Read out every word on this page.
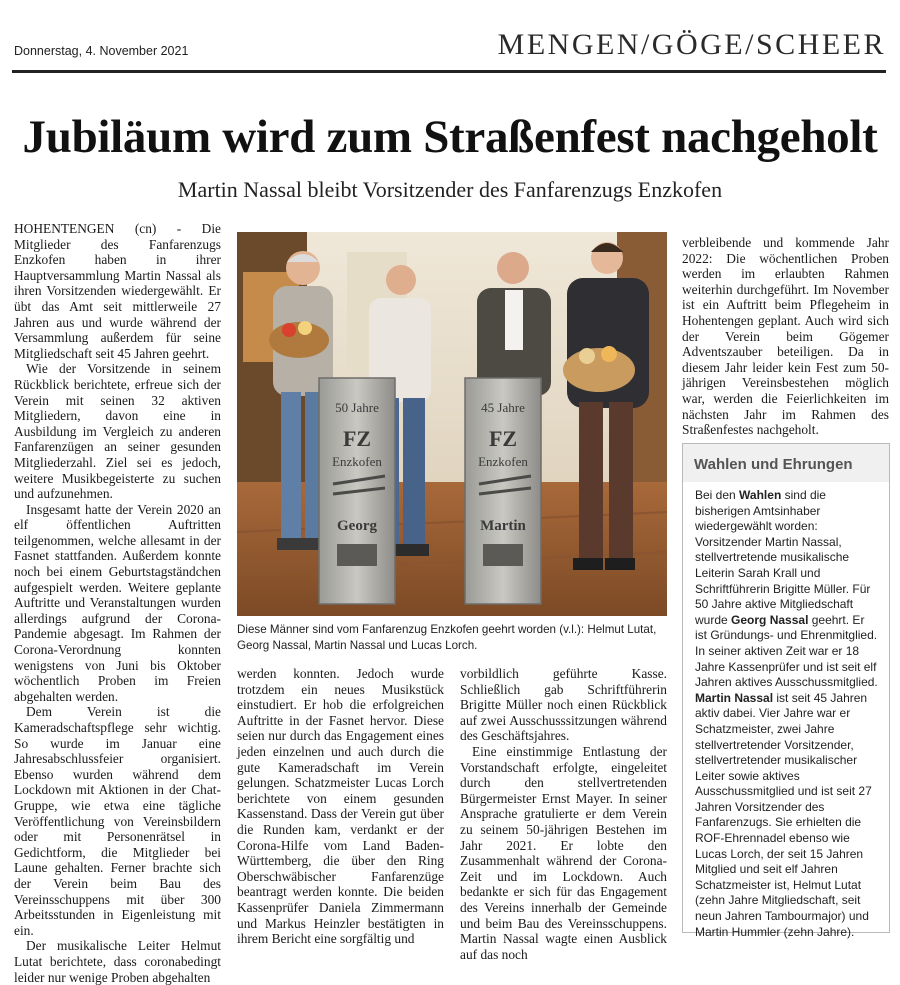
Donnerstag, 4. November 2021	MENGEN/GÖGE/SCHEER
Jubiläum wird zum Straßenfest nachgeholt
Martin Nassal bleibt Vorsitzender des Fanfarenzugs Enzkofen

HOHENTENGEN (cn) - Die Mitglieder des Fanfarenzugs Enzkofen haben in ihrer Hauptversammlung Martin Nassal als ihren Vorsitzenden wiedergewählt. Er übt das Amt seit mittlerweile 27 Jahren aus und wurde während der Versammlung außerdem für seine Mitgliedschaft seit 45 Jahren geehrt.

Wie der Vorsitzende in seinem Rückblick berichtete, erfreue sich der Verein mit seinen 32 aktiven Mitgliedern, davon eine in Ausbildung im Vergleich zu anderen Fanfarenzügen an seiner gesunden Mitgliederzahl. Ziel sei es jedoch, weitere Musikbegeisterte zu suchen und aufzunehmen.

Insgesamt hatte der Verein 2020 an elf öffentlichen Auftritten teilgenommen, welche allesamt in der Fasnet stattfanden. Außerdem konnte noch bei einem Geburtstagständchen aufgespielt werden. Weitere geplante Auftritte und Veranstaltungen wurden allerdings aufgrund der Corona-Pandemie abgesagt. Im Rahmen der Corona-Verordnung konnten wenigstens von Juni bis Oktober wöchentlich Proben im Freien abgehalten werden.

Dem Verein ist die Kameradschaftspflege sehr wichtig. So wurde im Januar eine Jahresabschlussfeier organisiert. Ebenso wurden während dem Lockdown mit Aktionen in der Chat-Gruppe, wie etwa eine tägliche Veröffentlichung von Vereinsbildern oder mit Personenrätsel in Gedichtform, die Mitglieder bei Laune gehalten. Ferner brachte sich der Verein beim Bau des Vereinsschuppens mit über 300 Arbeitsstunden in Eigenleistung mit ein.

Der musikalische Leiter Helmut Lutat berichtete, dass coronabedingt leider nur wenige Proben abgehalten

50 Jahre
FZ
Enzkofen
Georg
45 Jahre
FZ
Enzkofen
Martin
Diese Männer sind vom Fanfarenzug Enzkofen geehrt worden (v.l.): Helmut Lutat, Georg Nassal, Martin Nassal und Lucas Lorch.

werden konnten. Jedoch wurde trotzdem ein neues Musikstück einstudiert. Er hob die erfolgreichen Auftritte in der Fasnet hervor. Diese seien nur durch das Engagement eines jeden einzelnen und auch durch die gute Kameradschaft im Verein gelungen. Schatzmeister Lucas Lorch berichtete von einem gesunden Kassenstand. Dass der Verein gut über die Runden kam, verdankt er der Corona-Hilfe vom Land Baden-Württemberg, die über den Ring Oberschwäbischer Fanfarenzüge beantragt werden konnte. Die beiden Kassenprüfer Daniela Zimmermann und Markus Heinzler bestätigten in ihrem Bericht eine sorgfältig und

vorbildlich geführte Kasse. Schließlich gab Schriftführerin Brigitte Müller noch einen Rückblick auf zwei Ausschusssitzungen während des Geschäftsjahres.

Eine einstimmige Entlastung der Vorstandschaft erfolgte, eingeleitet durch den stellvertretenden Bürgermeister Ernst Mayer. In seiner Ansprache gratulierte er dem Verein zu seinem 50-jährigen Bestehen im Jahr 2021. Er lobte den Zusammenhalt während der Corona-Zeit und im Lockdown. Auch bedankte er sich für das Engagement des Vereins innerhalb der Gemeinde und beim Bau des Vereinsschuppens. Martin Nassal wagte einen Ausblick auf das noch

verbleibende und kommende Jahr 2022: Die wöchentlichen Proben werden im erlaubten Rahmen weiterhin durchgeführt. Im November ist ein Auftritt beim Pflegeheim in Hohentengen geplant. Auch wird sich der Verein beim Gögemer Adventszauber beteiligen. Da in diesem Jahr leider kein Fest zum 50-jährigen Vereinsbestehen möglich war, werden die Feierlichkeiten im nächsten Jahr im Rahmen des Straßenfestes nachgeholt.

Wahlen und Ehrungen

Bei den Wahlen sind die bisherigen Amtsinhaber wiedergewählt worden: Vorsitzender Martin Nassal, stellvertretende musikalische Leiterin Sarah Krall und Schriftführerin Brigitte Müller. Für 50 Jahre aktive Mitgliedschaft wurde Georg Nassal geehrt. Er ist Gründungs- und Ehrenmitglied. In seiner aktiven Zeit war er 18 Jahre Kassenprüfer und ist seit elf Jahren aktives Ausschussmitglied.

Martin Nassal ist seit 45 Jahren aktiv dabei. Vier Jahre war er Schatzmeister, zwei Jahre stellvertretender Vorsitzender, stellvertretender musikalischer Leiter sowie aktives Ausschussmitglied und ist seit 27 Jahren Vorsitzender des Fanfarenzugs. Sie erhielten die ROF-Ehrennadel ebenso wie Lucas Lorch, der seit 15 Jahren Mitglied und seit elf Jahren Schatzmeister ist, Helmut Lutat (zehn Jahre Mitgliedschaft, seit neun Jahren Tambourmajor) und Martin Hummler (zehn Jahre).
